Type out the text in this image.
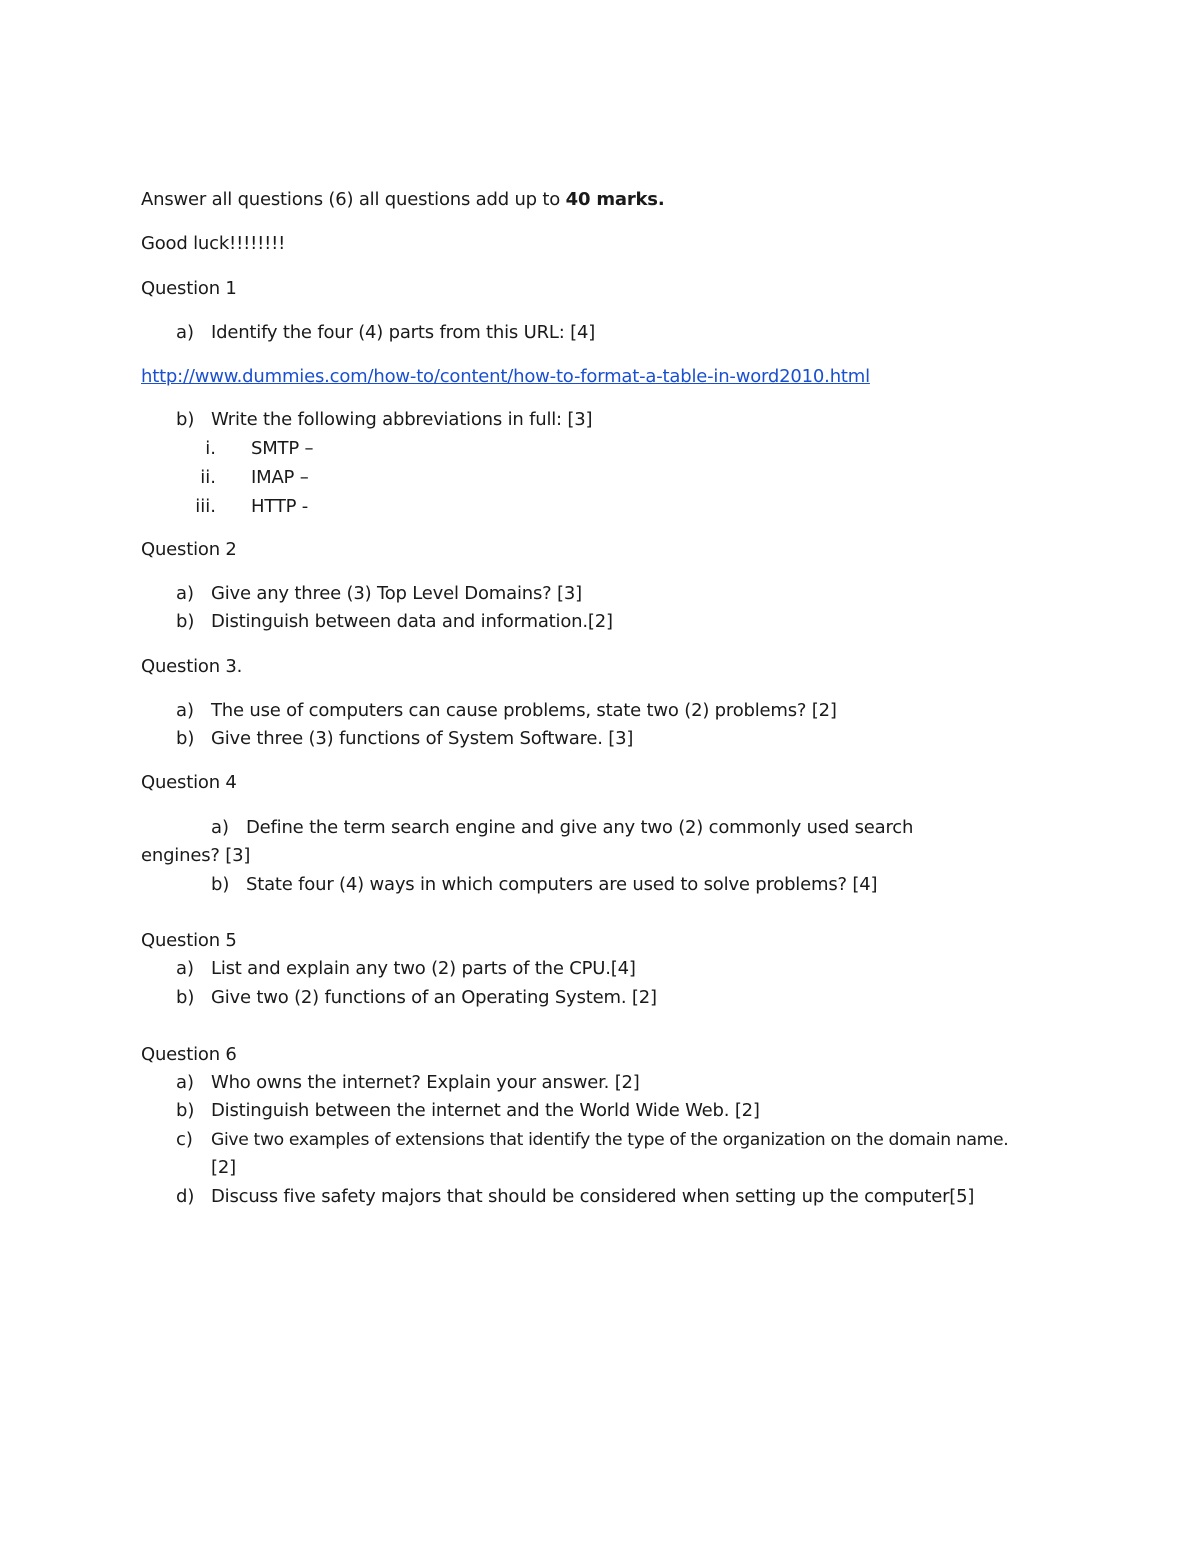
Answer all questions (6) all questions add up to 40 marks.
Good luck!!!!!!!!
Question 1
a) Identify the four (4) parts from this URL: [4]
http://www.dummies.com/how-to/content/how-to-format-a-table-in-word2010.html
b) Write the following abbreviations in full: [3]
i. SMTP –
ii. IMAP –
iii. HTTP -
Question 2
a) Give any three (3) Top Level Domains? [3]
b) Distinguish between data and information.[2]
Question 3.
a) The use of computers can cause problems, state two (2) problems? [2]
b) Give three (3) functions of System Software. [3]
Question 4
a) Define the term search engine and give any two (2) commonly used search
engines? [3]
b) State four (4) ways in which computers are used to solve problems? [4]
Question 5
a) List and explain any two (2) parts of the CPU.[4]
b) Give two (2) functions of an Operating System. [2]
Question 6
a) Who owns the internet? Explain your answer. [2]
b) Distinguish between the internet and the World Wide Web. [2]
c) Give two examples of extensions that identify the type of the organization on the domain name.
[2]
d) Discuss five safety majors that should be considered when setting up the computer[5]
